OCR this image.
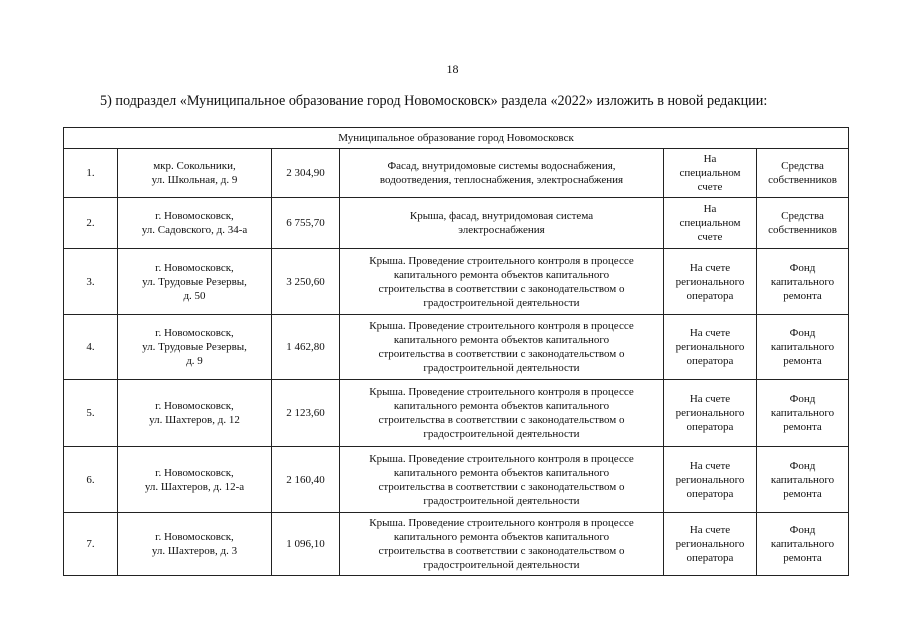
18
5) подраздел «Муниципальное образование город Новомосковск» раздела «2022» изложить в новой редакции:
Муниципальное образование город Новомосковск					
1.	мкр. Сокольники,
ул. Школьная, д. 9	2 304,90	Фасад, внутридомовые системы водоснабжения,
водоотведения, теплоснабжения, электроснабжения	На
специальном
счете	Средства
собственников

2.	г. Новомосковск,
ул. Садовского, д. 34-а	6 755,70	Крыша, фасад, внутридомовая система
электроснабжения	На
специальном
счете	Средства
собственников

3.	г. Новомосковск,
ул. Трудовые Резервы,
д. 50	3 250,60	Крыша. Проведение строительного контроля в процессе
капитального ремонта объектов капитального
строительства в соответствии с законодательством о
градостроительной деятельности	На счете
регионального
оператора	Фонд
капитального
ремонта

4.	г. Новомосковск,
ул. Трудовые Резервы,
д. 9	1 462,80	Крыша. Проведение строительного контроля в процессе
капитального ремонта объектов капитального
строительства в соответствии с законодательством о
градостроительной деятельности	На счете
регионального
оператора	Фонд
капитального
ремонта

5.	г. Новомосковск,
ул. Шахтеров, д. 12	2 123,60	Крыша. Проведение строительного контроля в процессе
капитального ремонта объектов капитального
строительства в соответствии с законодательством о
градостроительной деятельности	На счете
регионального
оператора	Фонд
капитального
ремонта

6.	г. Новомосковск,
ул. Шахтеров, д. 12-а	2 160,40	Крыша. Проведение строительного контроля в процессе
капитального ремонта объектов капитального
строительства в соответствии с законодательством о
градостроительной деятельности	На счете
регионального
оператора	Фонд
капитального
ремонта

7.	г. Новомосковск,
ул. Шахтеров, д. 3	1 096,10	Крыша. Проведение строительного контроля в процессе
капитального ремонта объектов капитального
строительства в соответствии с законодательством о
градостроительной деятельности	На счете
регионального
оператора	Фонд
капитального
ремонта
